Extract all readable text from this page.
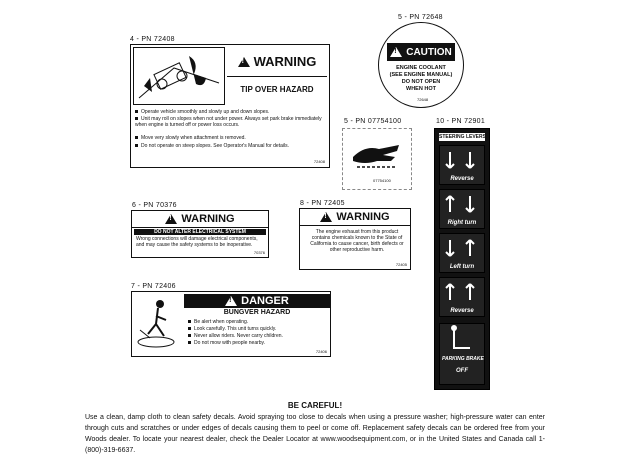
4 - PN 72408
!
WARNING
TIP OVER HAZARD
Operate vehicle smoothly and slowly up and down slopes.
Unit may roll on slopes when not under power. Always set park brake immediately when engine is turned off or power loss occurs.
Move very slowly when attachment is removed.
Do not operate on steep slopes. See Operator's Manual for details.
72408
5 - PN 72648
!
CAUTION
ENGINE COOLANT
(SEE ENGINE MANUAL)
DO NOT OPEN
WHEN HOT
72648
5 - PN 07754100
07754100
6 - PN 70376
!
WARNING
DO NOT ALTER ELECTRICAL SYSTEM
Wrong connections will damage electrical components, and may cause the safety systems to be inoperative.
70376
8 - PN 72405
!
WARNING
The engine exhaust from this product contains chemicals known to the State of California to cause cancer, birth defects or other reproductive harm.
72405
7 - PN 72406
!
DANGER
BUNGVER HAZARD
Be alert when operating.
Look carefully. This unit turns quickly.
Never allow riders. Never carry children.
Do not mow with people nearby.
72406
10 - PN 72901
STEERING LEVERS
Reverse
Right turn
Left turn
Reverse
PARKING BRAKE
OFF
BE CAREFUL!
Use a clean, damp cloth to clean safety decals. Avoid spraying too close to decals when using a pressure washer; high-pressure water can enter through cuts and scratches or under edges of decals causing them to peel or come off. Replacement safety decals can be ordered free from your Woods dealer. To locate your nearest dealer, check the Dealer Locator at www.woodsequipment.com, or in the United States and Canada call 1-(800)-319-6637.
